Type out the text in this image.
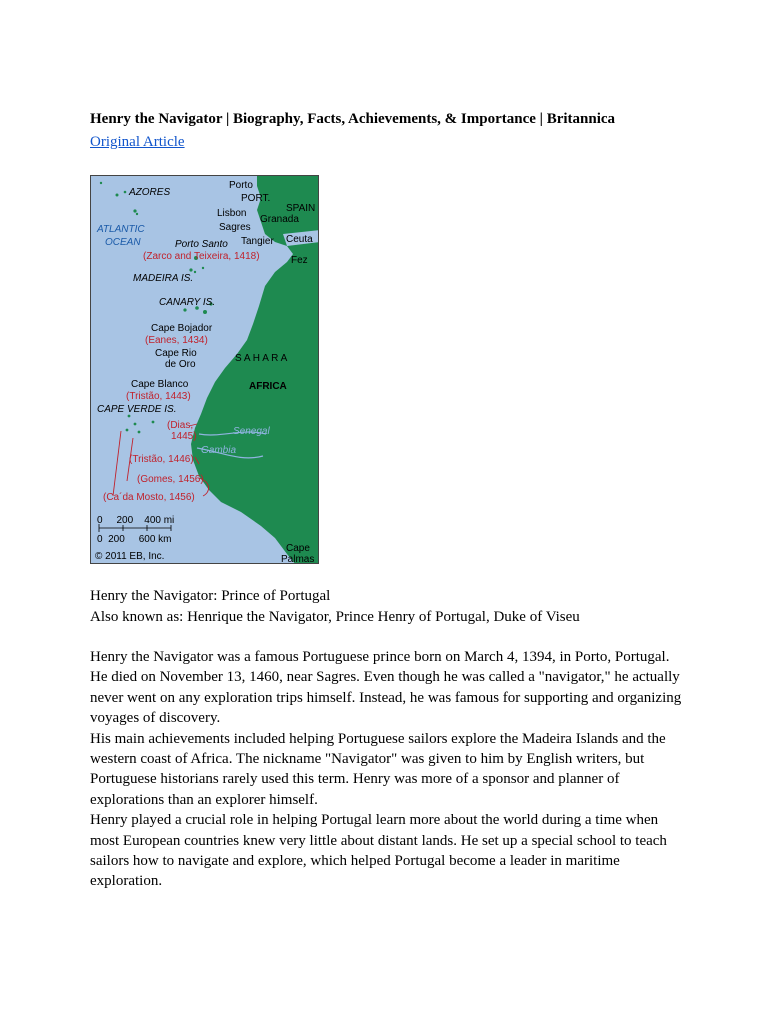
Henry the Navigator | Biography, Facts, Achievements, & Importance | Britannica
Original Article
AZORES
ATLANTIC
OCEAN
Porto
PORT.
Lisbon	SPAIN
Granada
Sagres
Tangier Ceuta
Porto Santo
(Zarco and Teixeira, 1418)	Fez
MADEIRA IS.
CANARY IS.
Cape Bojador
(Eanes, 1434)
Cape Rio
de Oro
S A H A R A
AFRICA
Cape Blanco
(Tristão, 1443)
CAPE VERDE IS.
(Dias,
1445)	Senegal
Gambia
(Tristão, 1446)
(Gomes, 1456)
(Ca´da Mosto, 1456)
0     200    400 mi
0  200     600 km
© 2011 EB, Inc.
Cape
Palmas
Henry the Navigator: Prince of Portugal
Also known as: Henrique the Navigator, Prince Henry of Portugal, Duke of Viseu

Henry the Navigator was a famous Portuguese prince born on March 4, 1394, in Porto, Portugal. He died on November 13, 1460, near Sagres. Even though he was called a "navigator," he actually never went on any exploration trips himself. Instead, he was famous for supporting and organizing voyages of discovery.

His main achievements included helping Portuguese sailors explore the Madeira Islands and the western coast of Africa. The nickname "Navigator" was given to him by English writers, but Portuguese historians rarely used this term. Henry was more of a sponsor and planner of explorations than an explorer himself.

Henry played a crucial role in helping Portugal learn more about the world during a time when most European countries knew very little about distant lands. He set up a special school to teach sailors how to navigate and explore, which helped Portugal become a leader in maritime exploration.
